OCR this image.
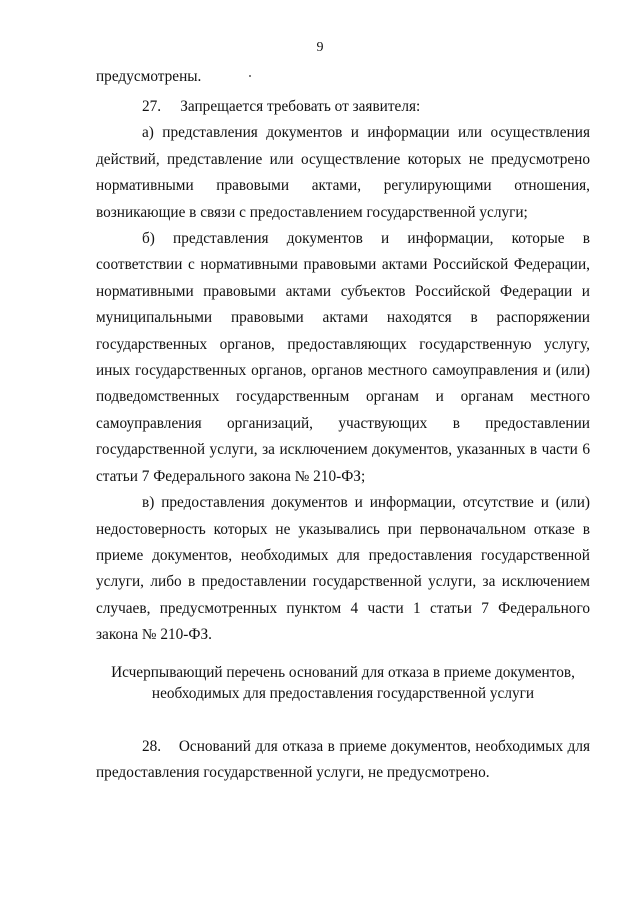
9
предусмотрены.

27.     Запрещается требовать от заявителя:

а) представления документов и информации или осуществления действий, представление или осуществление которых не предусмотрено нормативными правовыми актами, регулирующими отношения, возникающие в связи с предоставлением государственной услуги;

б) представления документов и информации, которые в соответствии с нормативными правовыми актами Российской Федерации, нормативными правовыми актами субъектов Российской Федерации и муниципальными правовыми актами находятся в распоряжении государственных органов, предоставляющих государственную услугу, иных государственных органов, органов местного самоуправления и (или) подведомственных государственным органам и органам местного самоуправления организаций, участвующих в предоставлении государственной услуги, за исключением документов, указанных в части 6 статьи 7 Федерального закона № 210-ФЗ;

в) предоставления документов и информации, отсутствие и (или) недостоверность которых не указывались при первоначальном отказе в приеме документов, необходимых для предоставления государственной услуги, либо в предоставлении государственной услуги, за исключением случаев, предусмотренных пунктом 4 части 1 статьи 7 Федерального закона № 210-ФЗ.

Исчерпывающий перечень оснований для отказа в приеме документов,
необходимых для предоставления государственной услуги

28.    Оснований для отказа в приеме документов, необходимых для предоставления государственной услуги, не предусмотрено.
